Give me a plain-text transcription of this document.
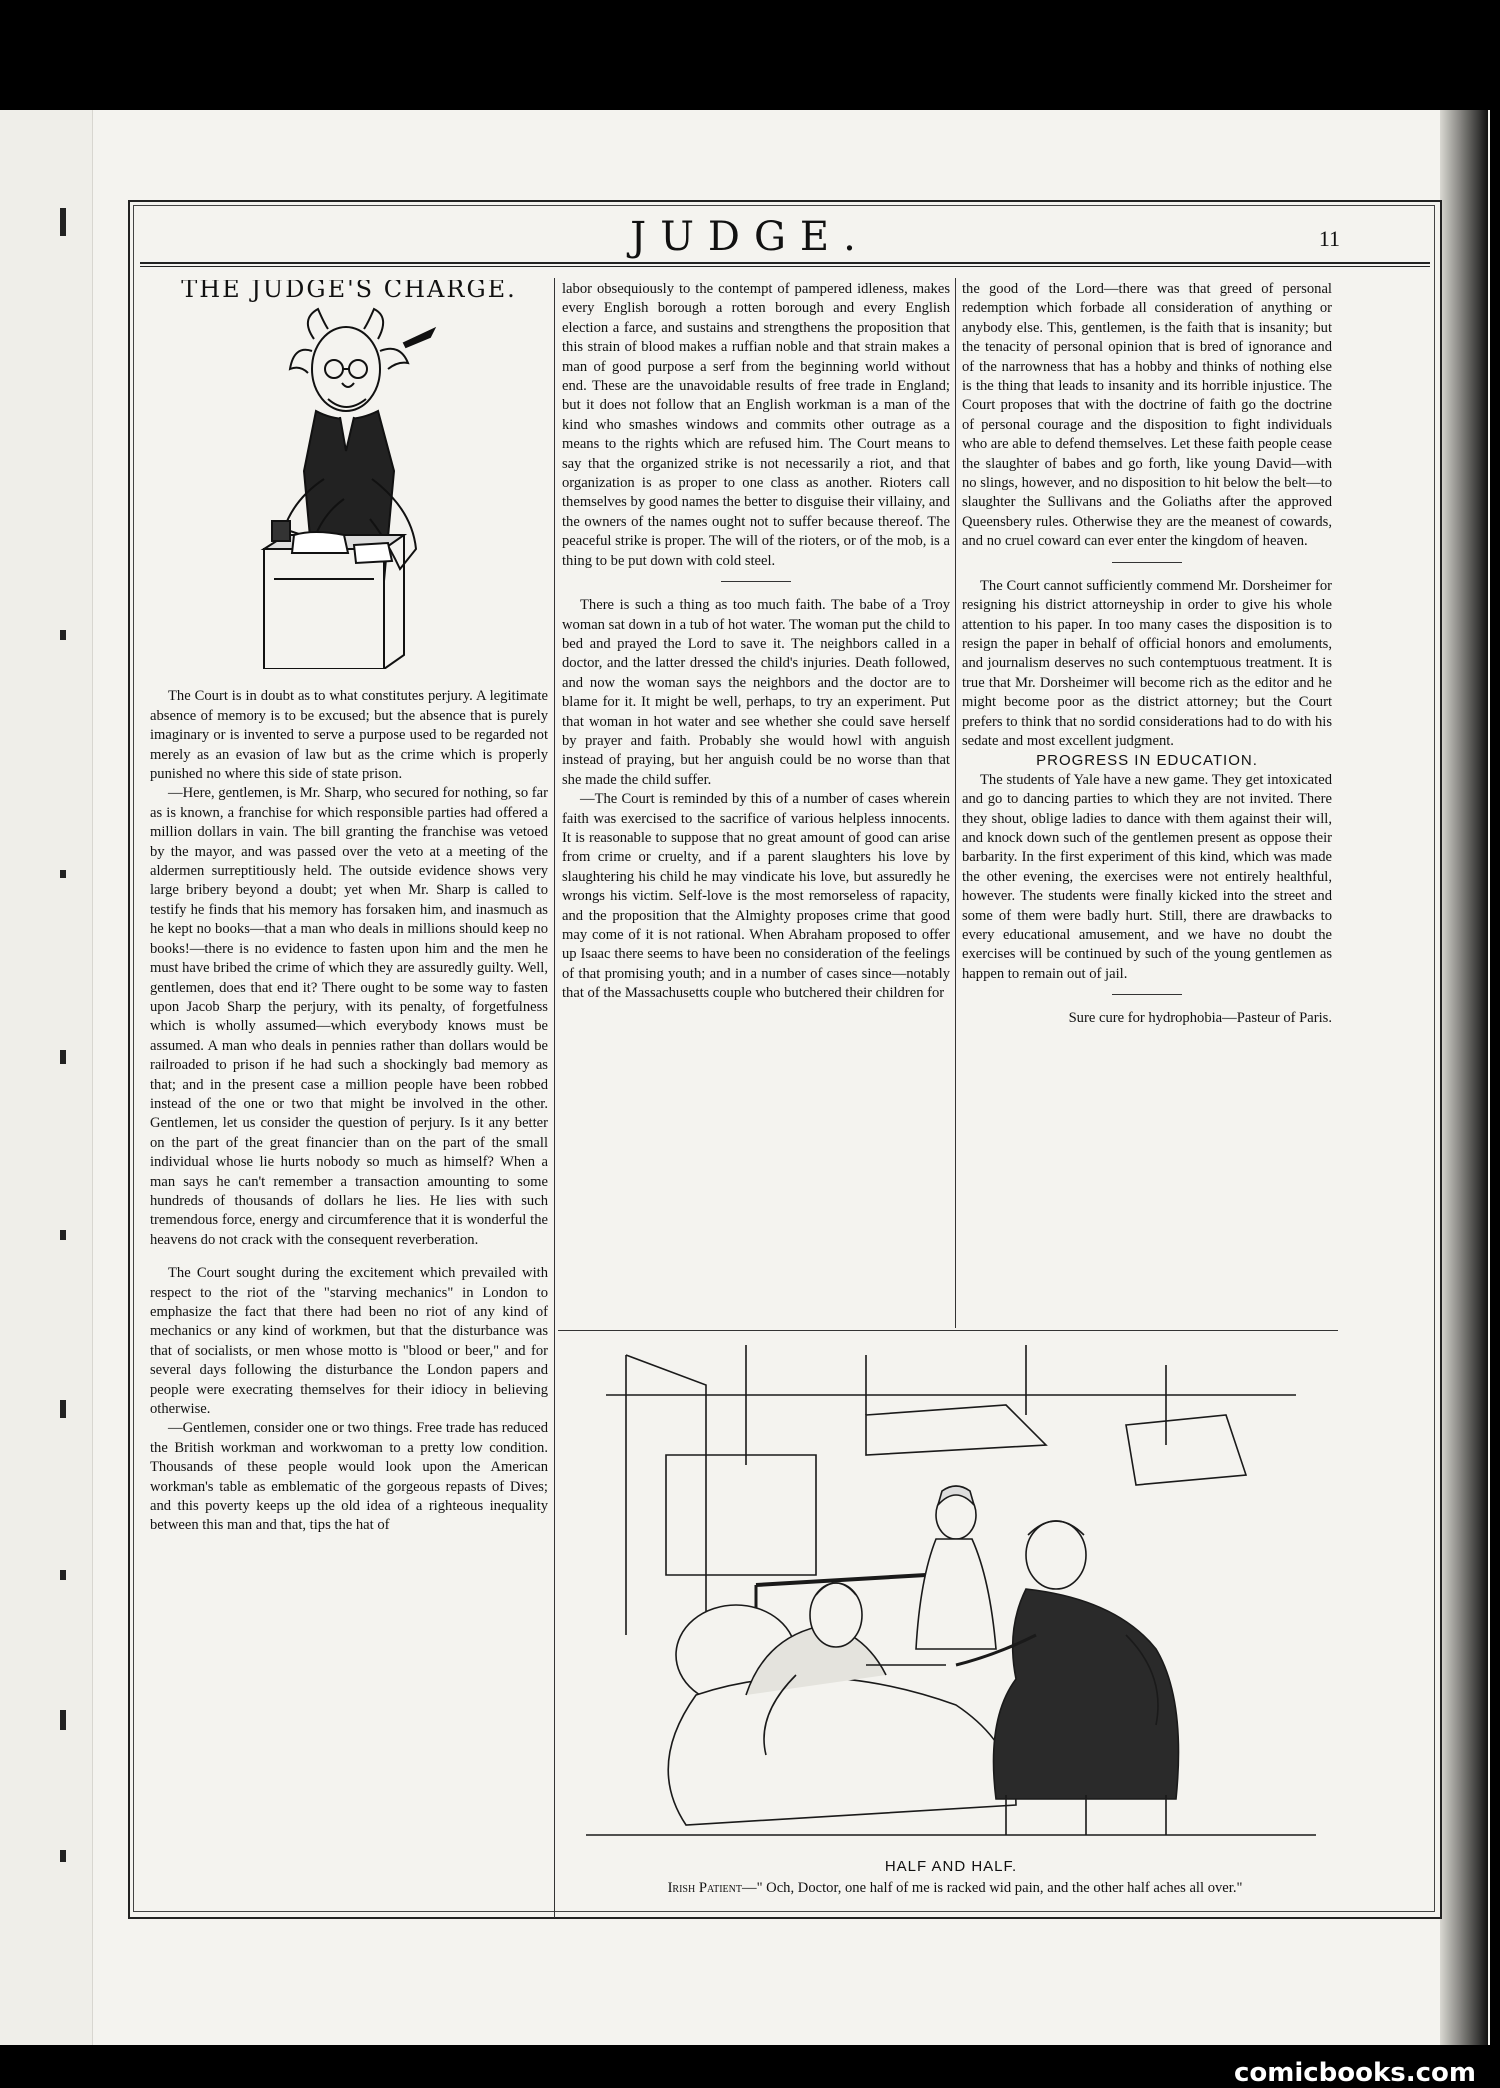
JUDGE.	11

THE JUDGE'S CHARGE.

The Court is in doubt as to what constitutes perjury. A legitimate absence of memory is to be excused; but the absence that is purely imaginary or is invented to serve a purpose used to be regarded not merely as an evasion of law but as the crime which is properly punished no where this side of state prison.

—Here, gentlemen, is Mr. Sharp, who secured for nothing, so far as is known, a franchise for which responsible parties had offered a million dollars in vain. The bill granting the franchise was vetoed by the mayor, and was passed over the veto at a meeting of the aldermen surreptitiously held. The outside evidence shows very large bribery beyond a doubt; yet when Mr. Sharp is called to testify he finds that his memory has forsaken him, and inasmuch as he kept no books—that a man who deals in millions should keep no books!—there is no evidence to fasten upon him and the men he must have bribed the crime of which they are assuredly guilty. Well, gentlemen, does that end it? There ought to be some way to fasten upon Jacob Sharp the perjury, with its penalty, of forgetfulness which is wholly assumed—which everybody knows must be assumed. A man who deals in pennies rather than dollars would be railroaded to prison if he had such a shockingly bad memory as that; and in the present case a million people have been robbed instead of the one or two that might be involved in the other. Gentlemen, let us consider the question of perjury. Is it any better on the part of the great financier than on the part of the small individual whose lie hurts nobody so much as himself? When a man says he can't remember a transaction amounting to some hundreds of thousands of dollars he lies. He lies with such tremendous force, energy and circumference that it is wonderful the heavens do not crack with the consequent reverberation.

The Court sought during the excitement which prevailed with respect to the riot of the "starving mechanics" in London to emphasize the fact that there had been no riot of any kind of mechanics or any kind of workmen, but that the disturbance was that of socialists, or men whose motto is "blood or beer," and for several days following the disturbance the London papers and people were execrating themselves for their idiocy in believing otherwise.

—Gentlemen, consider one or two things. Free trade has reduced the British workman and workwoman to a pretty low condition. Thousands of these people would look upon the American workman's table as emblematic of the gorgeous repasts of Dives; and this poverty keeps up the old idea of a righteous inequality between this man and that, tips the hat of

labor obsequiously to the contempt of pampered idleness, makes every English borough a rotten borough and every English election a farce, and sustains and strengthens the proposition that this strain of blood makes a ruffian noble and that strain makes a man of good purpose a serf from the beginning world without end. These are the unavoidable results of free trade in England; but it does not follow that an English workman is a man of the kind who smashes windows and commits other outrage as a means to the rights which are refused him. The Court means to say that the organized strike is not necessarily a riot, and that organization is as proper to one class as another. Rioters call themselves by good names the better to disguise their villainy, and the owners of the names ought not to suffer because thereof. The peaceful strike is proper. The will of the rioters, or of the mob, is a thing to be put down with cold steel.

There is such a thing as too much faith. The babe of a Troy woman sat down in a tub of hot water. The woman put the child to bed and prayed the Lord to save it. The neighbors called in a doctor, and the latter dressed the child's injuries. Death followed, and now the woman says the neighbors and the doctor are to blame for it. It might be well, perhaps, to try an experiment. Put that woman in hot water and see whether she could save herself by prayer and faith. Probably she would howl with anguish instead of praying, but her anguish could be no worse than that she made the child suffer.

—The Court is reminded by this of a number of cases wherein faith was exercised to the sacrifice of various helpless innocents. It is reasonable to suppose that no great amount of good can arise from crime or cruelty, and if a parent slaughters his love by slaughtering his child he may vindicate his love, but assuredly he wrongs his victim. Self-love is the most remorseless of rapacity, and the proposition that the Almighty proposes crime that good may come of it is not rational. When Abraham proposed to offer up Isaac there seems to have been no consideration of the feelings of that promising youth; and in a number of cases since—notably that of the Massachusetts couple who butchered their children for

the good of the Lord—there was that greed of personal redemption which forbade all consideration of anything or anybody else. This, gentlemen, is the faith that is insanity; but the tenacity of personal opinion that is bred of ignorance and of the narrowness that has a hobby and thinks of nothing else is the thing that leads to insanity and its horrible injustice. The Court proposes that with the doctrine of faith go the doctrine of personal courage and the disposition to fight individuals who are able to defend themselves. Let these faith people cease the slaughter of babes and go forth, like young David—with no slings, however, and no disposition to hit below the belt—to slaughter the Sullivans and the Goliaths after the approved Queensbery rules. Otherwise they are the meanest of cowards, and no cruel coward can ever enter the kingdom of heaven.

The Court cannot sufficiently commend Mr. Dorsheimer for resigning his district attorneyship in order to give his whole attention to his paper. In too many cases the disposition is to resign the paper in behalf of official honors and emoluments, and journalism deserves no such contemptuous treatment. It is true that Mr. Dorsheimer will become rich as the editor and he might become poor as the district attorney; but the Court prefers to think that no sordid considerations had to do with his sedate and most excellent judgment.

PROGRESS IN EDUCATION.

The students of Yale have a new game. They get intoxicated and go to dancing parties to which they are not invited. There they shout, oblige ladies to dance with them against their will, and knock down such of the gentlemen present as oppose their barbarity. In the first experiment of this kind, which was made the other evening, the exercises were not entirely healthful, however. The students were finally kicked into the street and some of them were badly hurt. Still, there are drawbacks to every educational amusement, and we have no doubt the exercises will be continued by such of the young gentlemen as happen to remain out of jail.

Sure cure for hydrophobia—Pasteur of Paris.

HALF AND HALF.
Irish Patient—" Och, Doctor, one half of me is racked wid pain, and the other half aches all over."
comicbooks.com
